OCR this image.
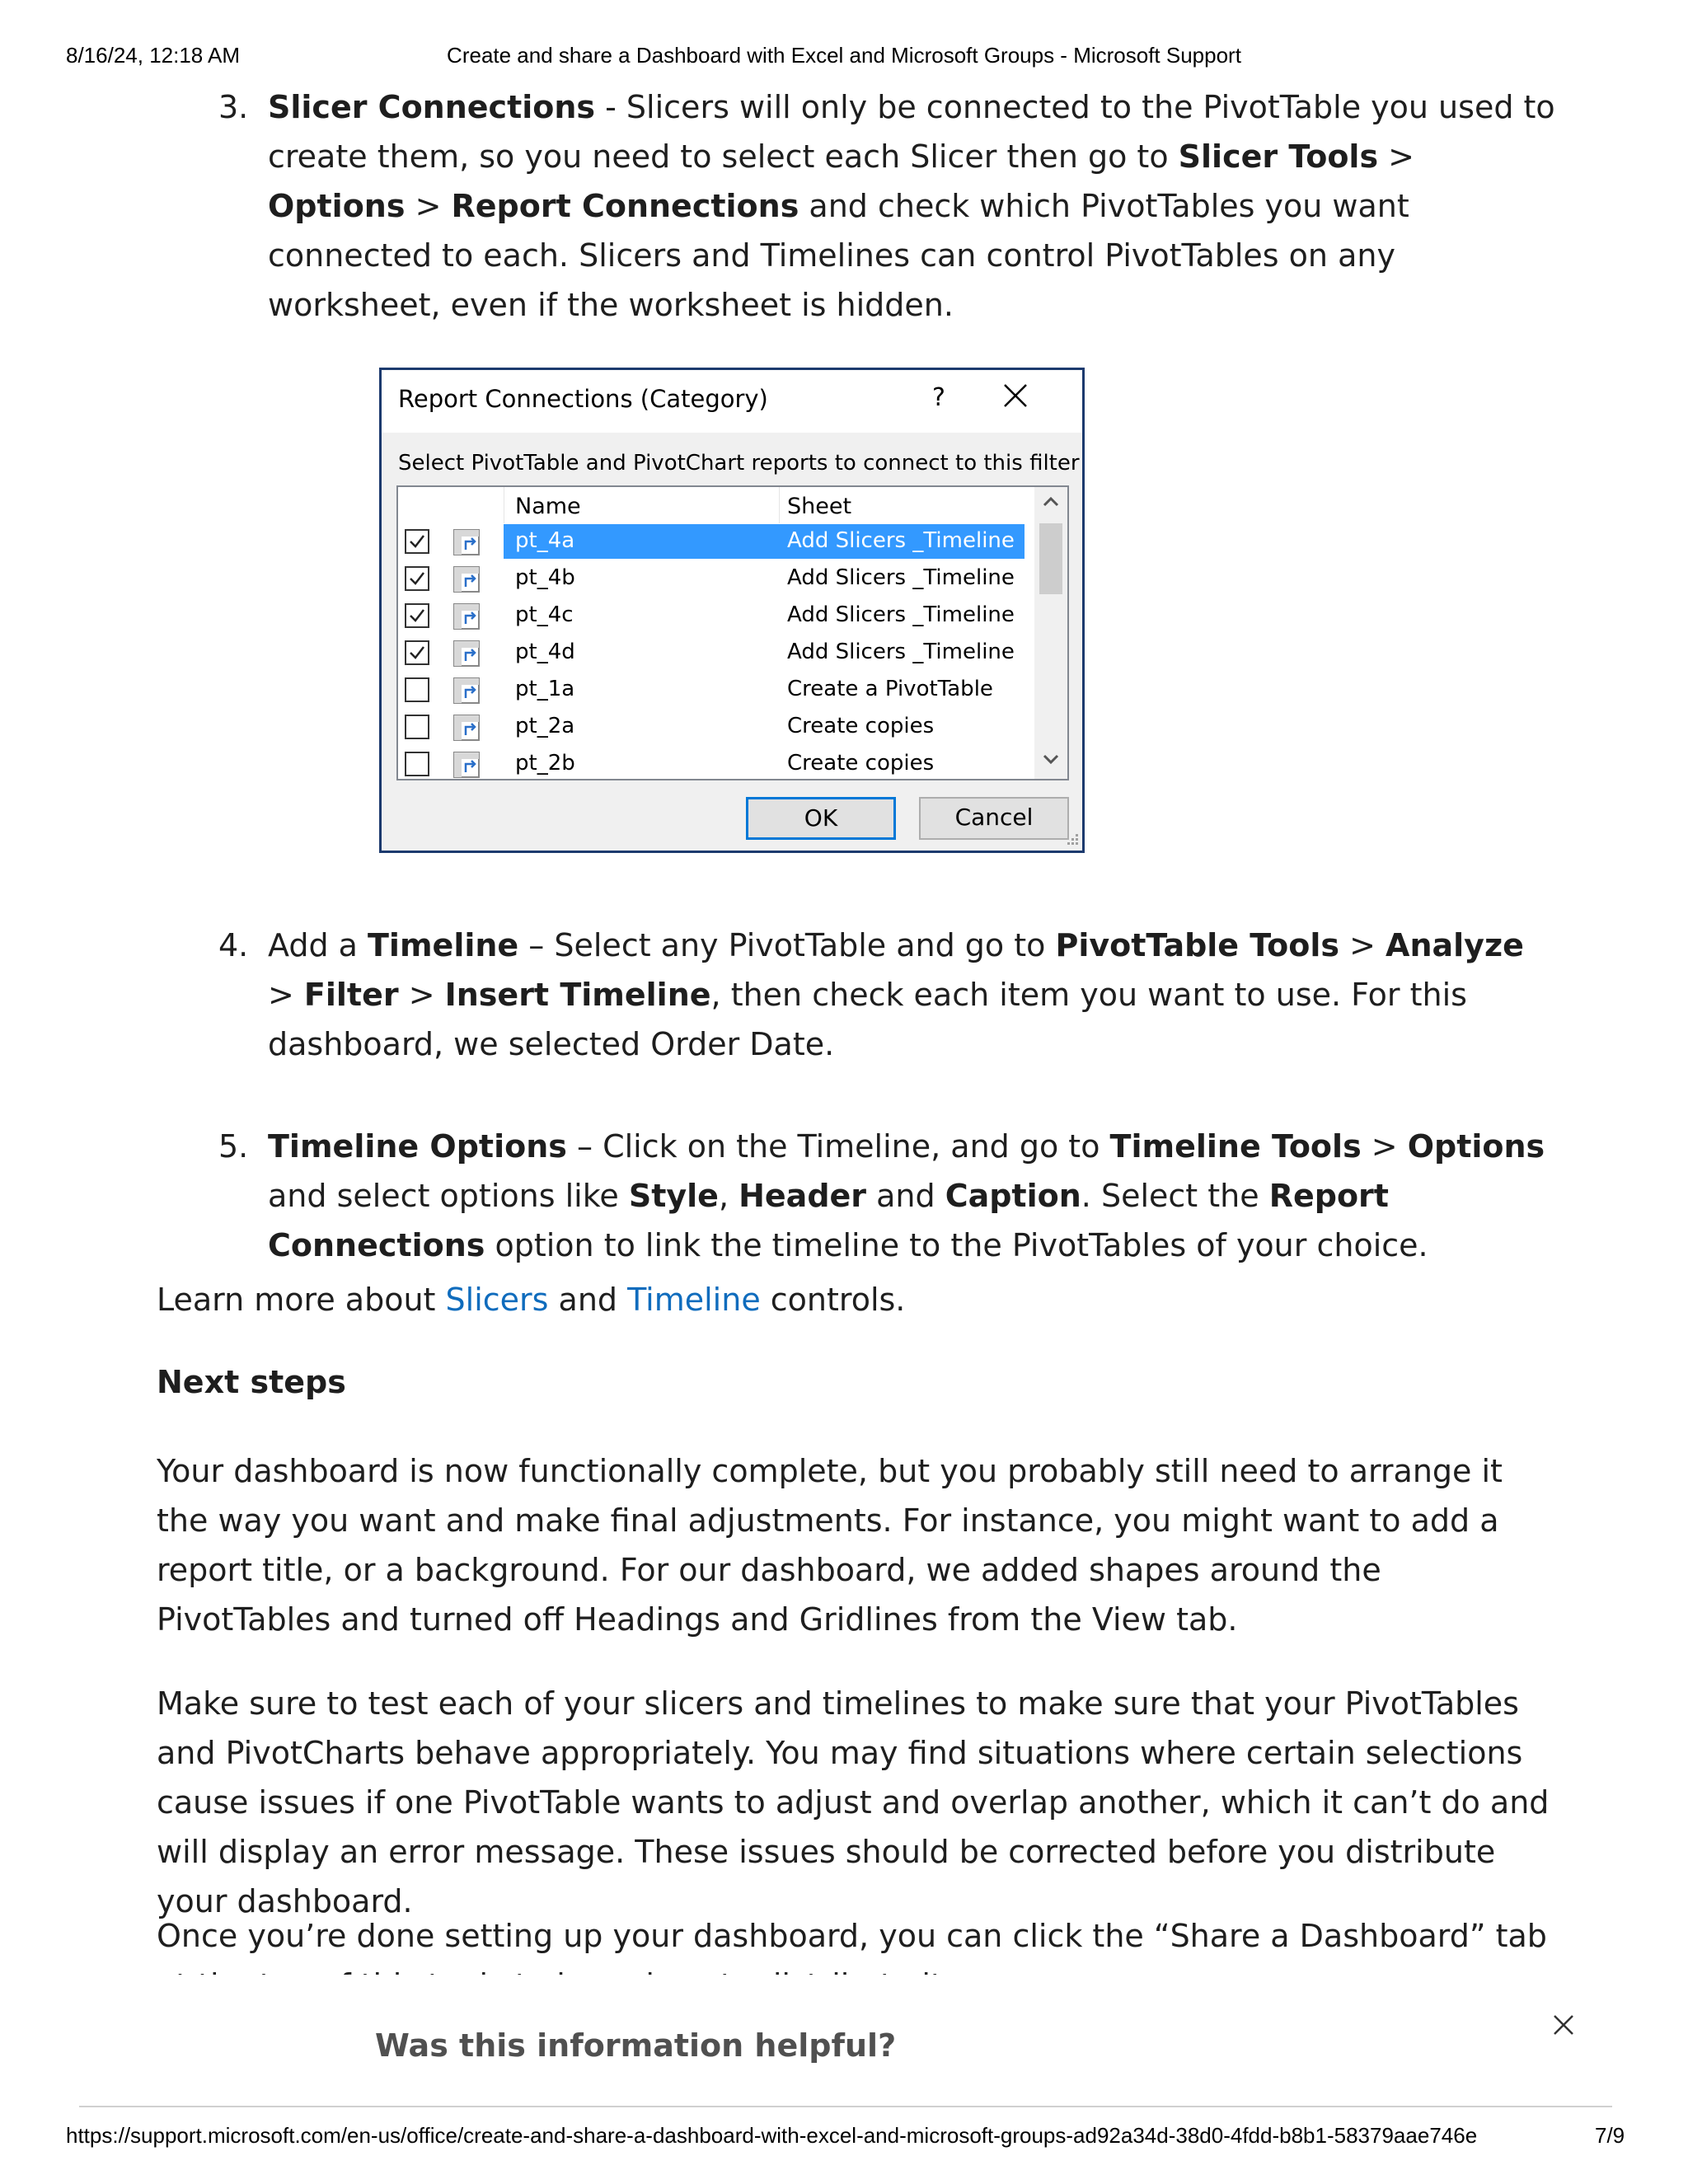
8/16/24, 12:18 AM	Create and share a Dashboard with Excel and Microsoft Groups - Microsoft Support
3. Slicer Connections - Slicers will only be connected to the PivotTable you used to create them, so you need to select each Slicer then go to Slicer Tools > Options > Report Connections and check which PivotTables you want connected to each. Slicers and Timelines can control PivotTables on any worksheet, even if the worksheet is hidden.
Report Connections (Category)	?
Select PivotTable and PivotChart reports to connect to this filter
Name	Sheet
pt_4a	Add Slicers _Timeline
pt_4b	Add Slicers _Timeline
pt_4c	Add Slicers _Timeline
pt_4d	Add Slicers _Timeline
pt_1a	Create a PivotTable
pt_2a	Create copies
pt_2b	Create copies
OK	Cancel
4. Add a Timeline – Select any PivotTable and go to PivotTable Tools > Analyze > Filter > Insert Timeline, then check each item you want to use. For this dashboard, we selected Order Date.
5. Timeline Options – Click on the Timeline, and go to Timeline Tools > Options and select options like Style, Header and Caption. Select the Report Connections option to link the timeline to the PivotTables of your choice.
Learn more about Slicers and Timeline controls.
Next steps
Your dashboard is now functionally complete, but you probably still need to arrange it the way you want and make final adjustments. For instance, you might want to add a report title, or a background. For our dashboard, we added shapes around the PivotTables and turned off Headings and Gridlines from the View tab.
Make sure to test each of your slicers and timelines to make sure that your PivotTables and PivotCharts behave appropriately. You may find situations where certain selections cause issues if one PivotTable wants to adjust and overlap another, which it can’t do and will display an error message. These issues should be corrected before you distribute your dashboard.
Once you’re done setting up your dashboard, you can click the “Share a Dashboard” tab
Was this information helpful?
https://support.microsoft.com/en-us/office/create-and-share-a-dashboard-with-excel-and-microsoft-groups-ad92a34d-38d0-4fdd-b8b1-58379aae746e	7/9
